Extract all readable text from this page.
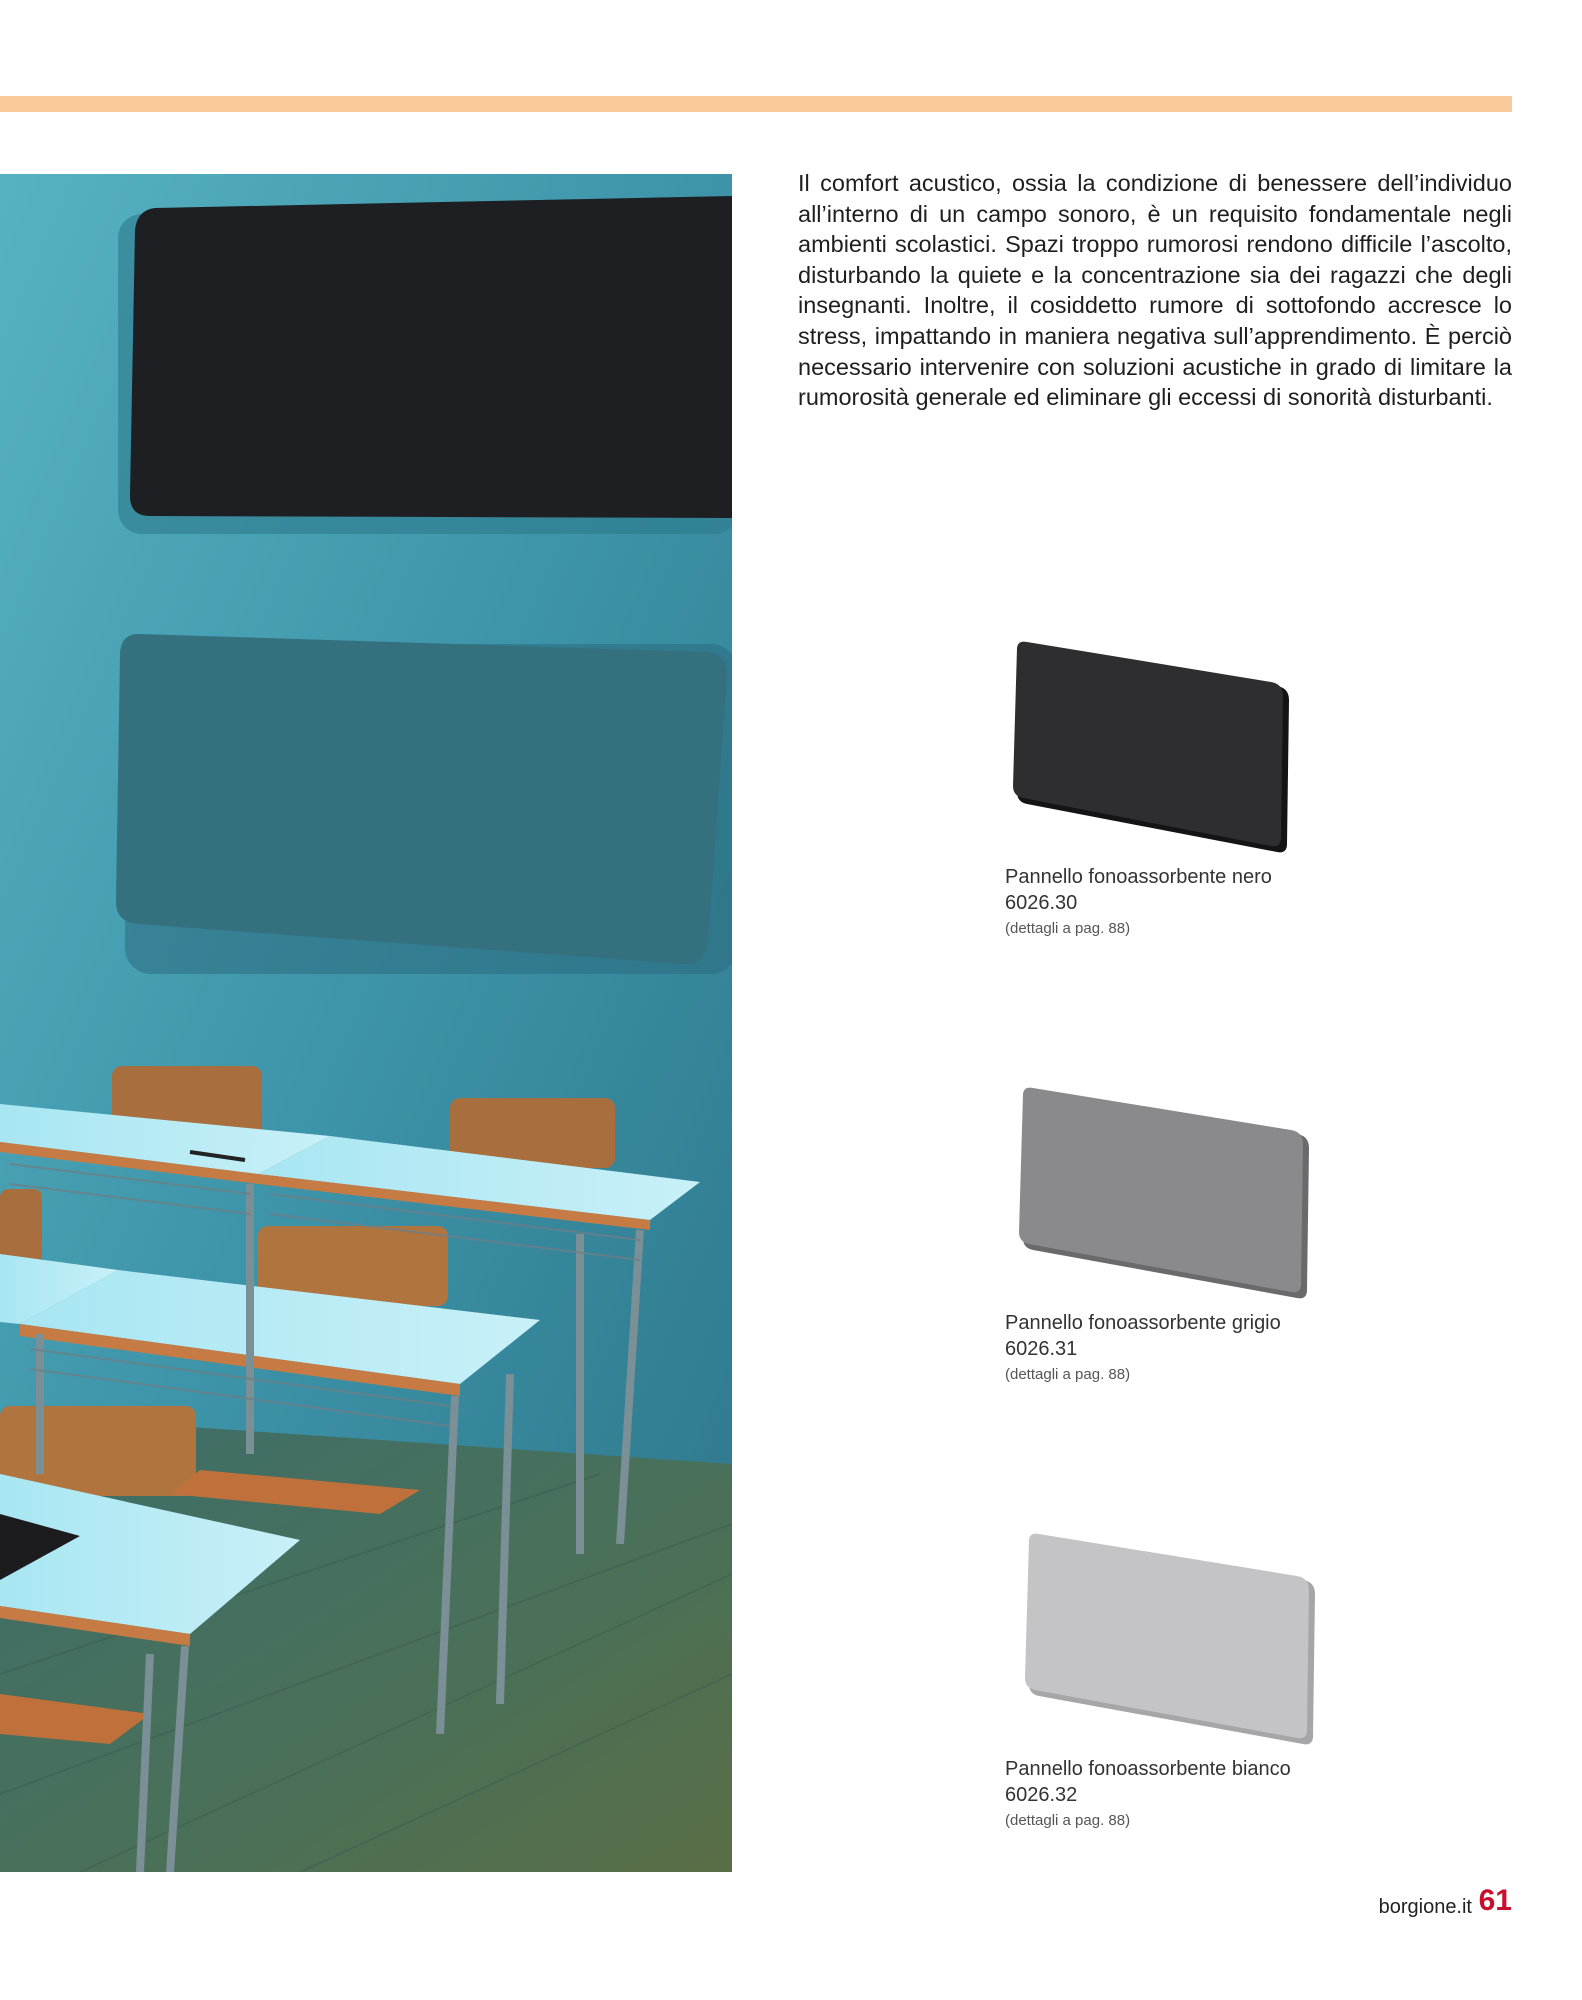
Il comfort acustico, ossia la condizione di benessere dell’individuo all’interno di un campo sonoro, è un requisito fondamentale negli ambienti scolastici. Spazi troppo rumorosi rendono difficile l’ascolto, disturbando la quiete e la concentrazione sia dei ragazzi che degli insegnanti. Inoltre, il cosiddetto rumore di sottofondo accresce lo stress, impattando in maniera negativa sull’apprendimento. È perciò necessario intervenire con soluzioni acustiche in grado di limitare la rumorosità generale ed eliminare gli eccessi di sonorità disturbanti.

Pannello fonoassorbente nero
6026.30
(dettagli a pag. 88)
Pannello fonoassorbente grigio
6026.31
(dettagli a pag. 88)
Pannello fonoassorbente bianco
6026.32
(dettagli a pag. 88)
borgione.it 61
